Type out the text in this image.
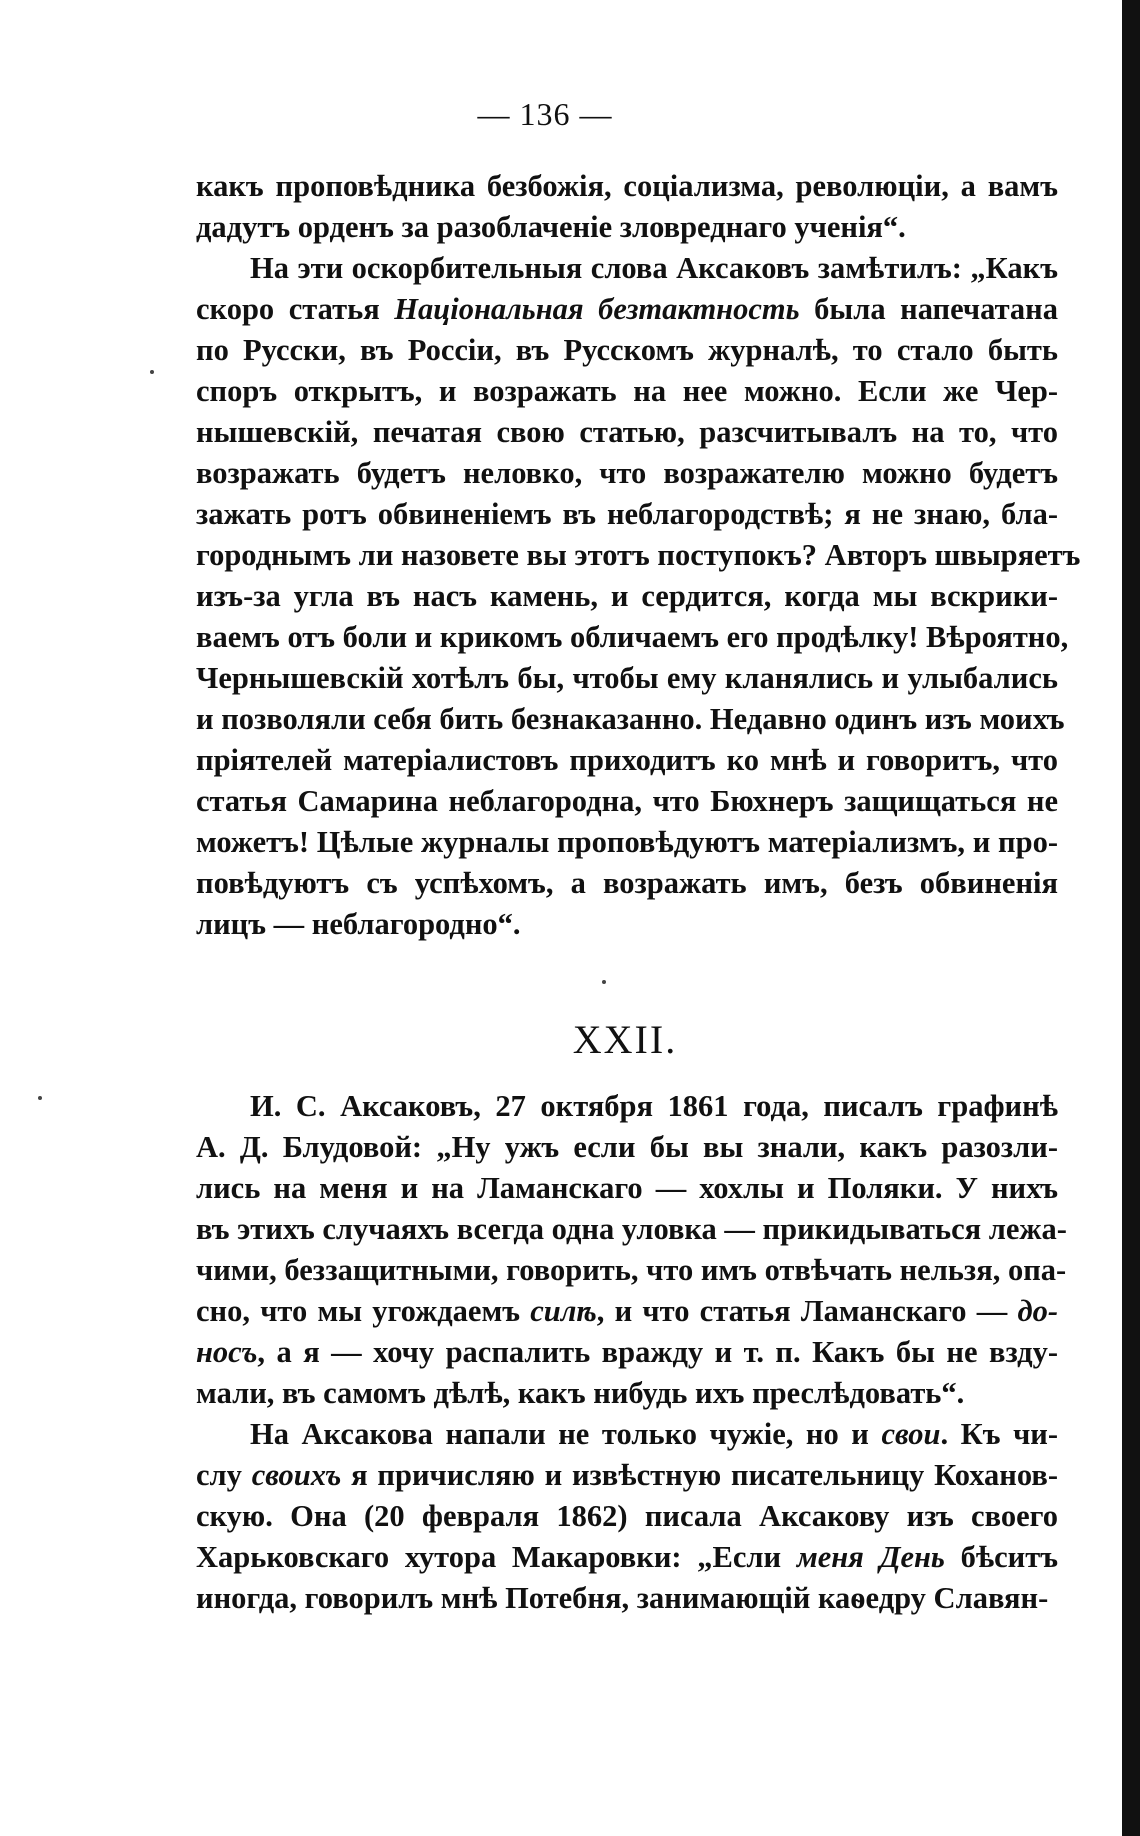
— 136 —
какъ проповѣдника безбожія, соціализма, революціи, а вамъ
дадутъ орденъ за разоблаченіе зловреднаго ученія“.
На эти оскорбительныя слова Аксаковъ замѣтилъ: „Какъ
скоро статья Національная безтактность была напечатана
по Русски, въ Россіи, въ Русскомъ журналѣ, то стало быть
споръ открытъ, и возражать на нее можно. Если же Чер-
нышевскій, печатая свою статью, разсчитывалъ на то, что
возражать будетъ неловко, что возражателю можно будетъ
зажать ротъ обвиненіемъ въ неблагородствѣ; я не знаю, бла-
городнымъ ли назовете вы этотъ поступокъ? Авторъ швыряетъ
изъ-за угла въ насъ камень, и сердится, когда мы вскрики-
ваемъ отъ боли и крикомъ обличаемъ его продѣлку! Вѣроятно,
Чернышевскій хотѣлъ бы, чтобы ему кланялись и улыбались
и позволяли себя бить безнаказанно. Недавно одинъ изъ моихъ
пріятелей матеріалистовъ приходитъ ко мнѣ и говоритъ, что
статья Самарина неблагородна, что Бюхнеръ защищаться не
можетъ! Цѣлые журналы проповѣдуютъ матеріализмъ, и про-
повѣдуютъ съ успѣхомъ, а возражать имъ, безъ обвиненія
лицъ — неблагородно“.
XXII.
И. С. Аксаковъ, 27 октября 1861 года, писалъ графинѣ
А. Д. Блудовой: „Ну ужъ если бы вы знали, какъ разозли-
лись на меня и на Ламанскаго — хохлы и Поляки. У нихъ
въ этихъ случаяхъ всегда одна уловка — прикидываться лежа-
чими, беззащитными, говорить, что имъ отвѣчать нельзя, опа-
сно, что мы угождаемъ силѣ, и что статья Ламанскаго — до-
носъ, а я — хочу распалить вражду и т. п. Какъ бы не взду-
мали, въ самомъ дѣлѣ, какъ нибудь ихъ преслѣдовать“.
На Аксакова напали не только чужіе, но и свои. Къ чи-
слу своихъ я причисляю и извѣстную писательницу Коханов-
скую. Она (20 февраля 1862) писала Аксакову изъ своего
Харьковскаго хутора Макаровки: „Если меня День бѣситъ
иногда, говорилъ мнѣ Потебня, занимающій каѳедру Славян-
